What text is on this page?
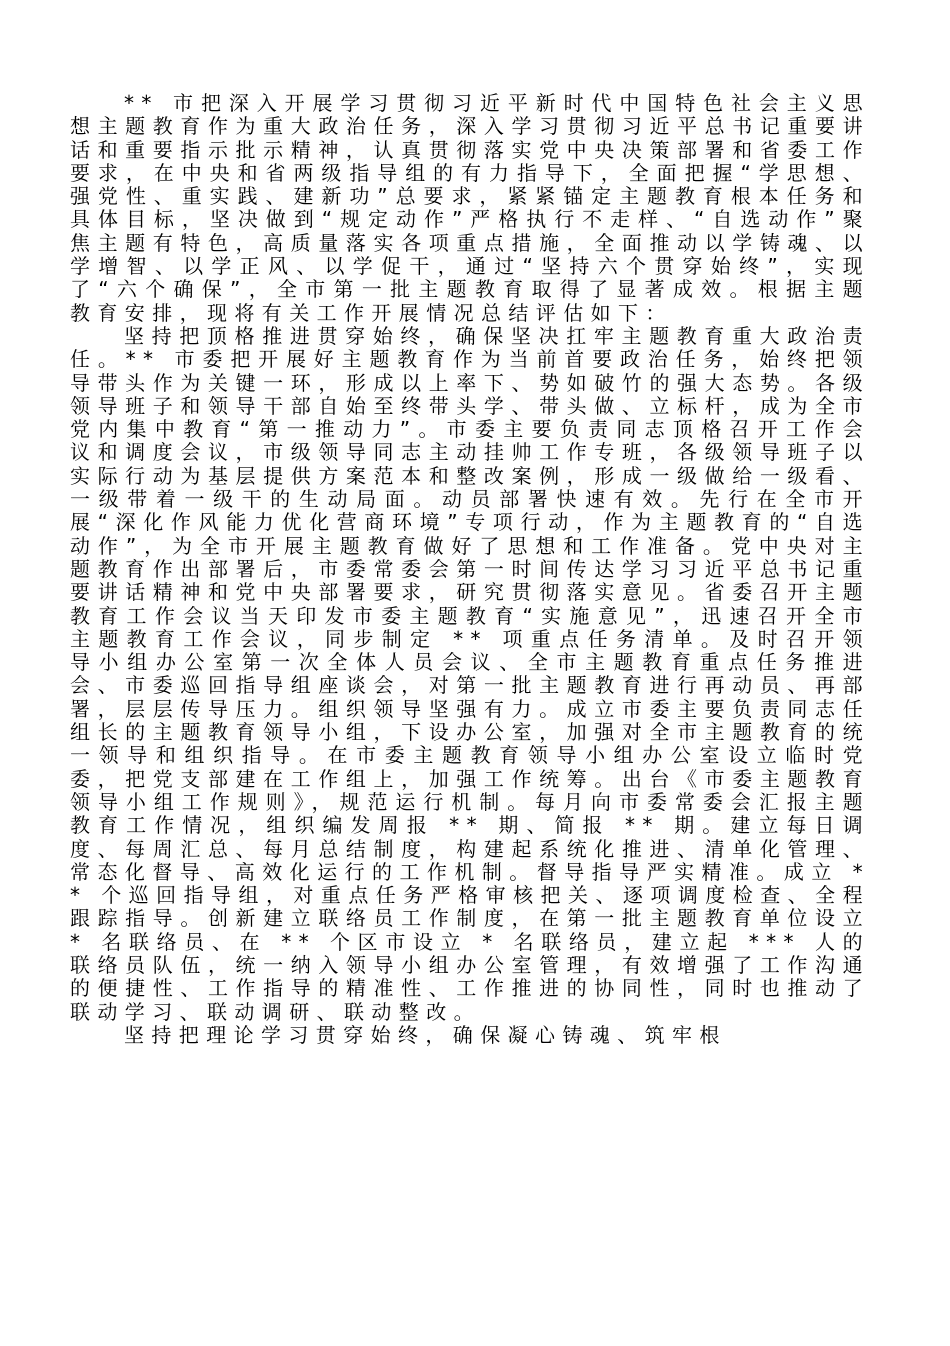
** 市把深入开展学习贯彻习近平新时代中国特色社会主义思想主题教育作为重大政治任务，深入学习贯彻习近平总书记重要讲话和重要指示批示精神，认真贯彻落实党中央决策部署和省委工作要求，在中央和省两级指导组的有力指导下，全面把握“学思想、强党性、重实践、建新功”总要求，紧紧锚定主题教育根本任务和具体目标，坚决做到“规定动作”严格执行不走样、“自选动作”聚焦主题有特色，高质量落实各项重点措施，全面推动以学铸魂、以学增智、以学正风、以学促干，通过“坚持六个贯穿始终”，实现了“六个确保”，全市第一批主题教育取得了显著成效。根据主题教育安排，现将有关工作开展情况总结评估如下：

坚持把顶格推进贯穿始终，确保坚决扛牢主题教育重大政治责任。** 市委把开展好主题教育作为当前首要政治任务，始终把领导带头作为关键一环，形成以上率下、势如破竹的强大态势。各级领导班子和领导干部自始至终带头学、带头做、立标杆，成为全市党内集中教育“第一推动力”。市委主要负责同志顶格召开工作会议和调度会议，市级领导同志主动挂帅工作专班，各级领导班子以实际行动为基层提供方案范本和整改案例，形成一级做给一级看、一级带着一级干的生动局面。动员部署快速有效。先行在全市开展“深化作风能力优化营商环境”专项行动，作为主题教育的“自选动作”，为全市开展主题教育做好了思想和工作准备。党中央对主题教育作出部署后，市委常委会第一时间传达学习习近平总书记重要讲话精神和党中央部署要求，研究贯彻落实意见。省委召开主题教育工作会议当天印发市委主题教育“实施意见”，迅速召开全市主题教育工作会议，同步制定 ** 项重点任务清单。及时召开领导小组办公室第一次全体人员会议、全市主题教育重点任务推进会、市委巡回指导组座谈会，对第一批主题教育进行再动员、再部署，层层传导压力。组织领导坚强有力。成立市委主要负责同志任组长的主题教育领导小组，下设办公室，加强对全市主题教育的统一领导和组织指导。在市委主题教育领导小组办公室设立临时党委，把党支部建在工作组上，加强工作统筹。出台《市委主题教育领导小组工作规则》，规范运行机制。每月向市委常委会汇报主题教育工作情况，组织编发周报 ** 期、简报 ** 期。建立每日调度、每周汇总、每月总结制度，构建起系统化推进、清单化管理、常态化督导、高效化运行的工作机制。督导指导严实精准。成立 ** 个巡回指导组，对重点任务严格审核把关、逐项调度检查、全程跟踪指导。创新建立联络员工作制度，在第一批主题教育单位设立 * 名联络员、在 ** 个区市设立 * 名联络员，建立起 *** 人的联络员队伍，统一纳入领导小组办公室管理，有效增强了工作沟通的便捷性、工作指导的精准性、工作推进的协同性，同时也推动了联动学习、联动调研、联动整改。

坚持把理论学习贯穿始终，确保凝心铸魂、筑牢根
